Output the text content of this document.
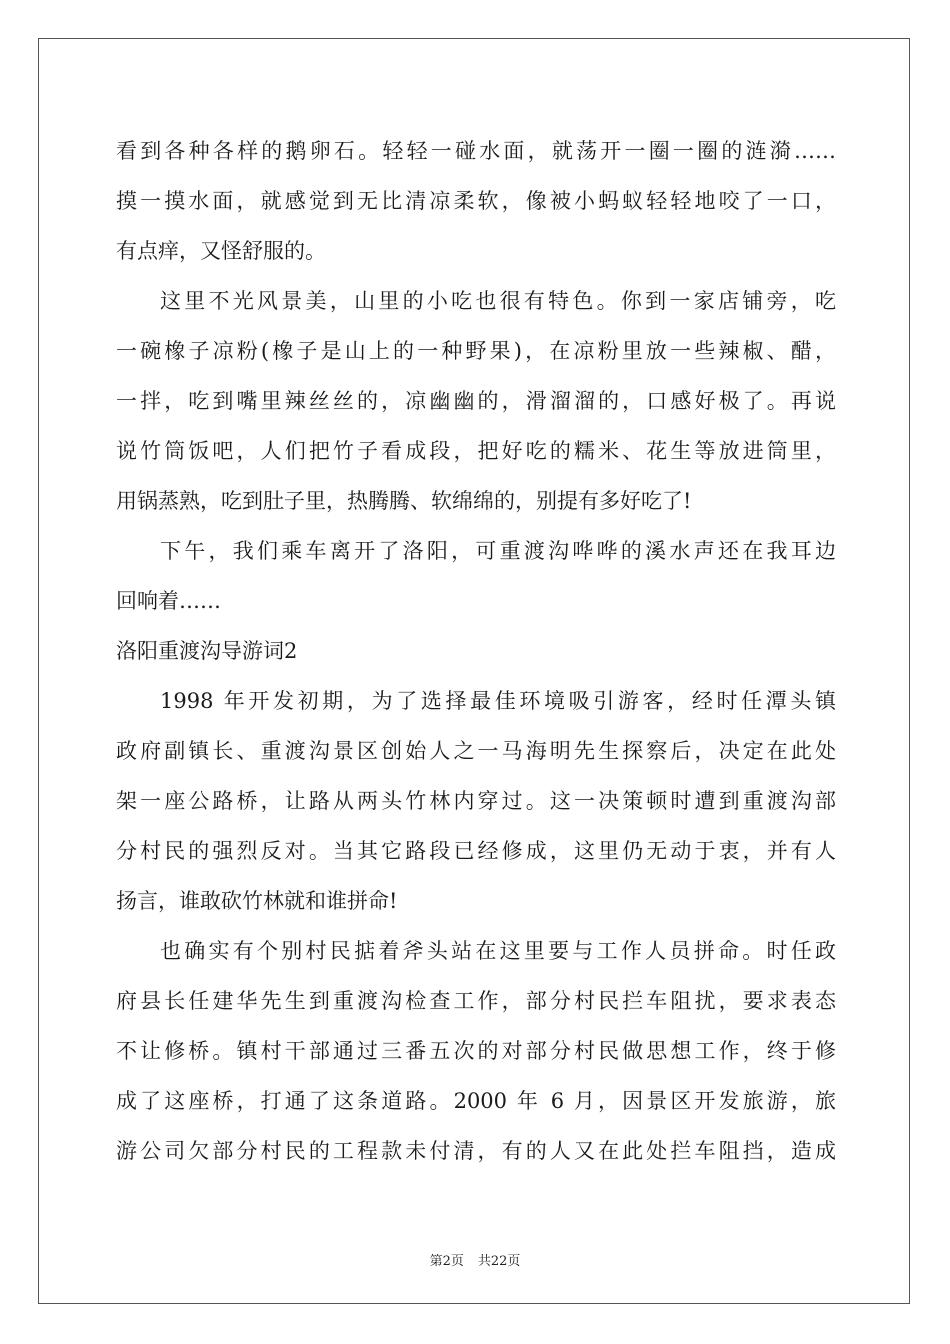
看到各种各样的鹅卵石。轻轻一碰水面，就荡开一圈一圈的涟漪……
摸一摸水面，就感觉到无比清凉柔软，像被小蚂蚁轻轻地咬了一口，
有点痒，又怪舒服的。
这里不光风景美，山里的小吃也很有特色。你到一家店铺旁，吃
一碗橡子凉粉(橡子是山上的一种野果)，在凉粉里放一些辣椒、醋，
一拌，吃到嘴里辣丝丝的，凉幽幽的，滑溜溜的，口感好极了。再说
说竹筒饭吧，人们把竹子看成段，把好吃的糯米、花生等放进筒里，
用锅蒸熟，吃到肚子里，热腾腾、软绵绵的，别提有多好吃了!
下午，我们乘车离开了洛阳，可重渡沟哗哗的溪水声还在我耳边
回响着……
洛阳重渡沟导游词2
1998 年开发初期，为了选择最佳环境吸引游客，经时任潭头镇
政府副镇长、重渡沟景区创始人之一马海明先生探察后，决定在此处
架一座公路桥，让路从两头竹林内穿过。这一决策顿时遭到重渡沟部
分村民的强烈反对。当其它路段已经修成，这里仍无动于衷，并有人
扬言，谁敢砍竹林就和谁拼命!
也确实有个别村民掂着斧头站在这里要与工作人员拼命。时任政
府县长任建华先生到重渡沟检查工作，部分村民拦车阻扰，要求表态
不让修桥。镇村干部通过三番五次的对部分村民做思想工作，终于修
成了这座桥，打通了这条道路。2000 年 6 月，因景区开发旅游，旅
游公司欠部分村民的工程款未付清，有的人又在此处拦车阻挡，造成
第2页 共22页
